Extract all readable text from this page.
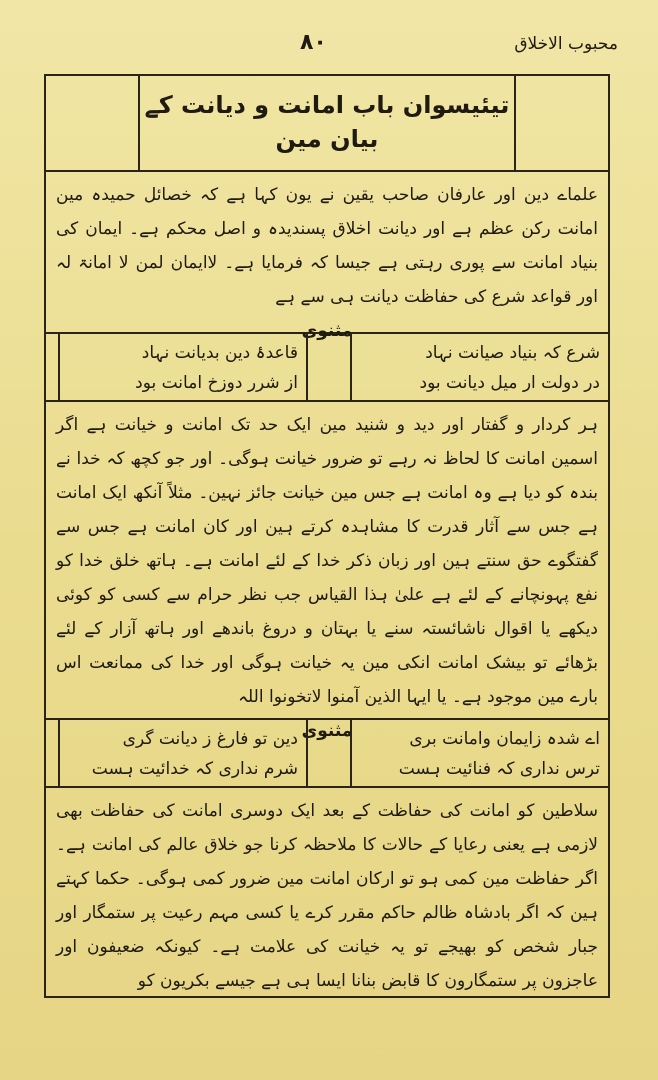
محبوب الاخلاق
۸۰
تیئیسوان باب امانت و دیانت کے بیان مین
علماے دین اور عارفان صاحب یقین نے یون کہا ہے کہ خصائل حمیدہ مین امانت رکن عظم ہے اور دیانت اخلاق پسندیدہ و اصل محکم ہے۔ ایمان کی بنیاد امانت سے پوری رہتی ہے جیسا کہ فرمایا ہے۔ لاایمان لمن لا امانۃ لہ اور قواعد شرع کی حفاظت دیانت ہی سے ہے
مثنوی
شرع کہ بنیاد صیانت نہاد
در دولت ار میل دیانت بود
قاعدۂ دین بدیانت نہاد
از شرر دوزخ امانت بود
ہر کردار و گفتار اور دید و شنید مین ایک حد تک امانت و خیانت ہے اگر اسمین امانت کا لحاظ نہ رہے تو ضرور خیانت ہوگی۔ اور جو کچھ کہ خدا نے بندہ کو دیا ہے وہ امانت ہے جس مین خیانت جائز نہین۔ مثلاً آنکھ ایک امانت ہے جس سے آثار قدرت کا مشاہدہ کرتے ہین اور کان امانت ہے جس سے گفتگوے حق سنتے ہین اور زبان ذکر خدا کے لئے امانت ہے۔ ہاتھ خلق خدا کو نفع پہونچانے کے لئے ہے علیٰ ہذا القیاس جب نظر حرام سے کسی کو کوئی دیکھے یا اقوال ناشائستہ سنے یا بہتان و دروغ باندھے اور ہاتھ آزار کے لئے بڑھائے تو بیشک امانت انکی مین یہ خیانت ہوگی اور خدا کی ممانعت اس بارے مین موجود ہے۔ یا ایہا الذین آمنوا لاتخونوا اللہ
مثنوی	اے شدہ زایمان وامانت بری
ترس نداری کہ فنائیت ہست
دین تو فارغ ز دیانت گری
شرم نداری کہ خدائیت ہست
سلاطین کو امانت کی حفاظت کے بعد ایک دوسری امانت کی حفاظت بھی لازمی ہے یعنی رعایا کے حالات کا ملاحظہ کرنا جو خلاق عالم کی امانت ہے۔ اگر حفاظت مین کمی ہو تو ارکان امانت مین ضرور کمی ہوگی۔ حکما کہتے ہین کہ اگر بادشاہ ظالم حاکم مقرر کرے یا کسی مہم رعیت پر ستمگار اور جبار شخص کو بھیجے تو یہ خیانت کی علامت ہے۔ کیونکہ ضعیفون اور عاجزون پر ستمگارون کا قابض بنانا ایسا ہی ہے جیسے بکریون کو
